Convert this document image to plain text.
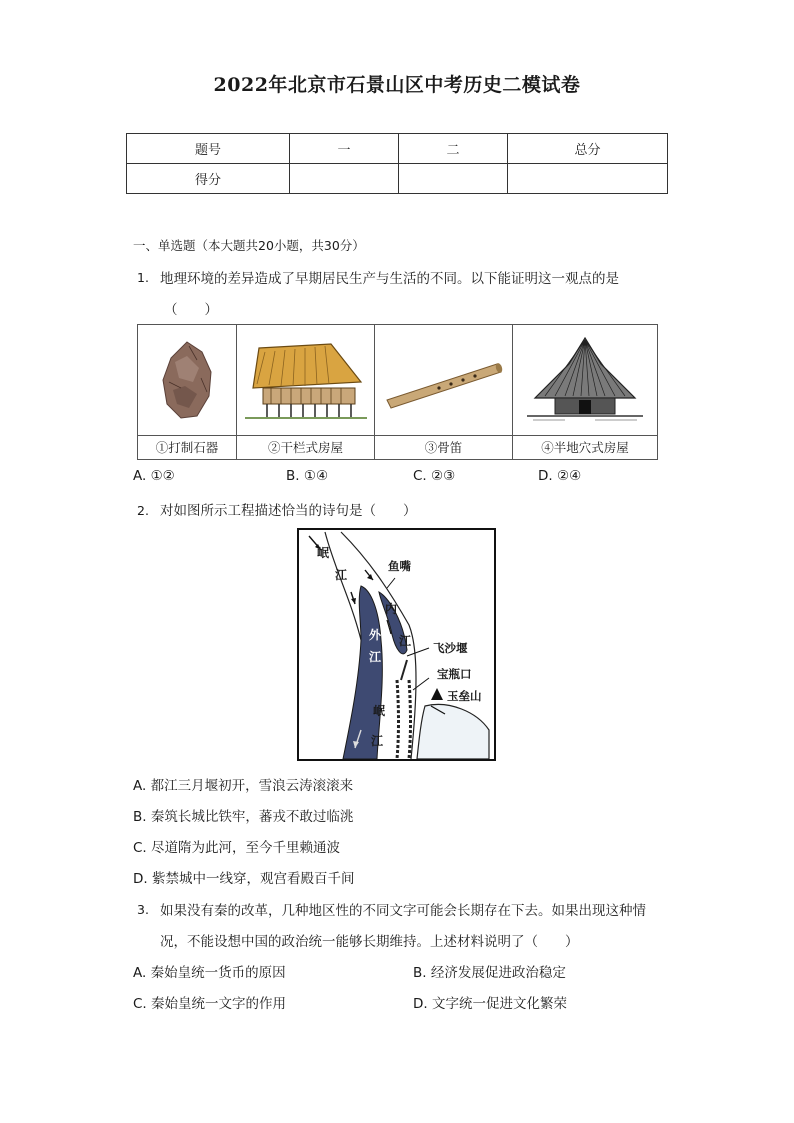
2022年北京市石景山区中考历史二模试卷
题号	一	二	总分
得分			
一、单选题（本大题共20小题，共30分）
1. 地理环境的差异造成了早期居民生产与生活的不同。以下能证明这一观点的是
（　　）
①打制石器	②干栏式房屋	③骨笛	④半地穴式房屋
A. ①②	B. ①④	C. ②③	D. ②④
2. 对如图所示工程描述恰当的诗句是（　　）
岷
江
鱼嘴
内
江
外
江
飞沙堰
宝瓶口
玉垒山
岷
江
A. 都江三月堰初开，雪浪云涛滚滚来
B. 秦筑长城比铁牢，蕃戎不敢过临洮
C. 尽道隋为此河，至今千里赖通波
D. 紫禁城中一线穿，观宫看殿百千间
3. 如果没有秦的改革，几种地区性的不同文字可能会长期存在下去。如果出现这种情
况，不能设想中国的政治统一能够长期维持。上述材料说明了（　　）
A. 秦始皇统一货币的原因	B. 经济发展促进政治稳定
C. 秦始皇统一文字的作用	D. 文字统一促进文化繁荣
